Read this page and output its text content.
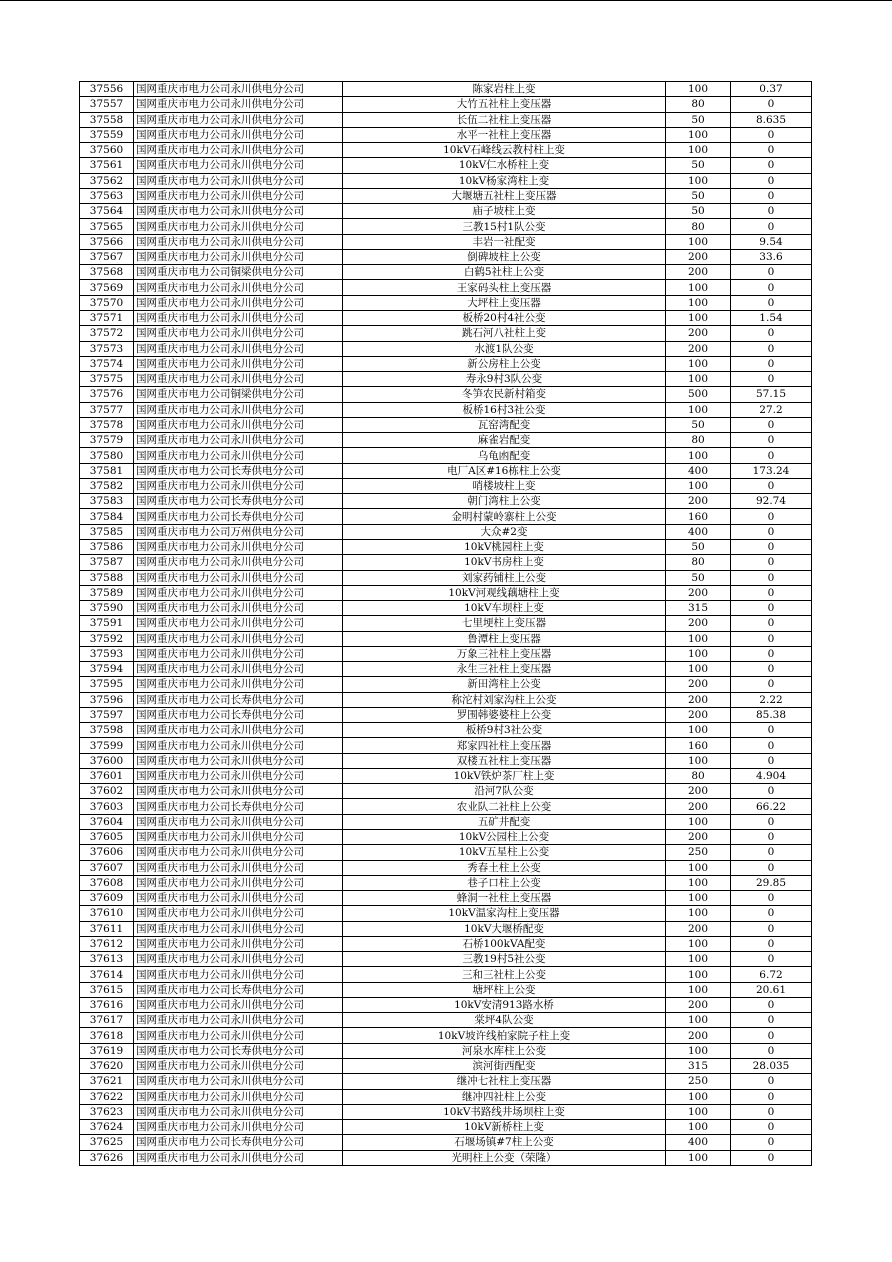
37556	国网重庆市电力公司永川供电分公司	陈家岩柱上变	100	0.37
37557	国网重庆市电力公司永川供电分公司	大竹五社柱上变压器	80	0
37558	国网重庆市电力公司永川供电分公司	长伍二社柱上变压器	50	8.635
37559	国网重庆市电力公司永川供电分公司	水平一社柱上变压器	100	0
37560	国网重庆市电力公司永川供电分公司	10kV石峰线云教村柱上变	100	0
37561	国网重庆市电力公司永川供电分公司	10kV仁水桥柱上变	50	0
37562	国网重庆市电力公司永川供电分公司	10kV杨家湾柱上变	100	0
37563	国网重庆市电力公司永川供电分公司	大堰塘五社柱上变压器	50	0
37564	国网重庆市电力公司永川供电分公司	庙子坡柱上变	50	0
37565	国网重庆市电力公司永川供电分公司	三教15村1队公变	80	0
37566	国网重庆市电力公司永川供电分公司	丰岩一社配变	100	9.54
37567	国网重庆市电力公司永川供电分公司	倒碑坡柱上公变	200	33.6
37568	国网重庆市电力公司铜梁供电分公司	白鹤5社柱上公变	200	0
37569	国网重庆市电力公司永川供电分公司	王家码头柱上变压器	100	0
37570	国网重庆市电力公司永川供电分公司	大坪柱上变压器	100	0
37571	国网重庆市电力公司永川供电分公司	板桥20村4社公变	100	1.54
37572	国网重庆市电力公司永川供电分公司	跳石河八社柱上变	200	0
37573	国网重庆市电力公司永川供电分公司	水渡1队公变	200	0
37574	国网重庆市电力公司永川供电分公司	新公房柱上公变	100	0
37575	国网重庆市电力公司永川供电分公司	寿永9村3队公变	100	0
37576	国网重庆市电力公司铜梁供电分公司	冬笋农民新村箱变	500	57.15
37577	国网重庆市电力公司永川供电分公司	板桥16村3社公变	100	27.2
37578	国网重庆市电力公司永川供电分公司	瓦窑湾配变	50	0
37579	国网重庆市电力公司永川供电分公司	麻雀岩配变	80	0
37580	国网重庆市电力公司永川供电分公司	乌龟凼配变	100	0
37581	国网重庆市电力公司长寿供电分公司	电厂A区#16栋柱上公变	400	173.24
37582	国网重庆市电力公司永川供电分公司	哨楼坡柱上变	100	0
37583	国网重庆市电力公司长寿供电分公司	朝门湾柱上公变	200	92.74
37584	国网重庆市电力公司长寿供电分公司	金明村蒙岭寨柱上公变	160	0
37585	国网重庆市电力公司万州供电分公司	大众#2变	400	0
37586	国网重庆市电力公司永川供电分公司	10kV桃园柱上变	50	0
37587	国网重庆市电力公司永川供电分公司	10kV书房柱上变	80	0
37588	国网重庆市电力公司永川供电分公司	刘家药铺柱上公变	50	0
37589	国网重庆市电力公司永川供电分公司	10kV河观线藕塘柱上变	200	0
37590	国网重庆市电力公司永川供电分公司	10kV车坝柱上变	315	0
37591	国网重庆市电力公司永川供电分公司	七里埂柱上变压器	200	0
37592	国网重庆市电力公司永川供电分公司	鲁潭柱上变压器	100	0
37593	国网重庆市电力公司永川供电分公司	万象三社柱上变压器	100	0
37594	国网重庆市电力公司永川供电分公司	永生三社柱上变压器	100	0
37595	国网重庆市电力公司永川供电分公司	新田湾柱上公变	200	0
37596	国网重庆市电力公司长寿供电分公司	称沱村刘家沟柱上公变	200	2.22
37597	国网重庆市电力公司长寿供电分公司	罗围韩婆婆柱上公变	200	85.38
37598	国网重庆市电力公司永川供电分公司	板桥9村3社公变	100	0
37599	国网重庆市电力公司永川供电分公司	郑家四社柱上变压器	160	0
37600	国网重庆市电力公司永川供电分公司	双楼五社柱上变压器	100	0
37601	国网重庆市电力公司永川供电分公司	10kV铁炉茶厂柱上变	80	4.904
37602	国网重庆市电力公司永川供电分公司	沿河7队公变	200	0
37603	国网重庆市电力公司长寿供电分公司	农业队二社柱上公变	200	66.22
37604	国网重庆市电力公司永川供电分公司	五矿井配变	100	0
37605	国网重庆市电力公司永川供电分公司	10kV公园柱上公变	200	0
37606	国网重庆市电力公司永川供电分公司	10kV五星柱上公变	250	0
37607	国网重庆市电力公司永川供电分公司	秀春土柱上公变	100	0
37608	国网重庆市电力公司永川供电分公司	巷子口柱上公变	100	29.85
37609	国网重庆市电力公司永川供电分公司	蜂洞一社柱上变压器	100	0
37610	国网重庆市电力公司永川供电分公司	10kV温家沟柱上变压器	100	0
37611	国网重庆市电力公司永川供电分公司	10kV大堰桥配变	200	0
37612	国网重庆市电力公司永川供电分公司	石桥100kVA配变	100	0
37613	国网重庆市电力公司永川供电分公司	三教19村5社公变	100	0
37614	国网重庆市电力公司永川供电分公司	三和三社柱上公变	100	6.72
37615	国网重庆市电力公司长寿供电分公司	塘坪柱上公变	100	20.61
37616	国网重庆市电力公司永川供电分公司	10kV安清913路水桥	200	0
37617	国网重庆市电力公司永川供电分公司	棠坪4队公变	100	0
37618	国网重庆市电力公司永川供电分公司	10kV坡许线柏家院子柱上变	200	0
37619	国网重庆市电力公司长寿供电分公司	河泉水库柱上公变	100	0
37620	国网重庆市电力公司永川供电分公司	滨河街西配变	315	28.035
37621	国网重庆市电力公司永川供电分公司	继冲七社柱上变压器	250	0
37622	国网重庆市电力公司永川供电分公司	继冲四社柱上公变	100	0
37623	国网重庆市电力公司永川供电分公司	10kV书路线井场坝柱上变	100	0
37624	国网重庆市电力公司永川供电分公司	10kV新桥柱上变	100	0
37625	国网重庆市电力公司长寿供电分公司	石堰场镇#7柱上公变	400	0
37626	国网重庆市电力公司永川供电分公司	光明柱上公变（荣隆）	100	0
